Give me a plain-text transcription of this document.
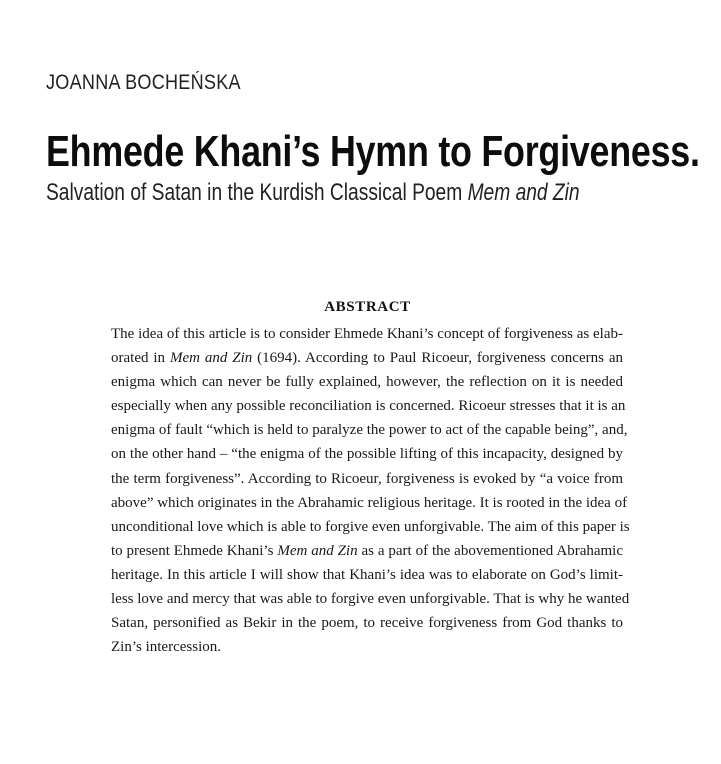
JOANNA BOCHEŃSKA
Ehmede Khani’s Hymn to Forgiveness.
Salvation of Satan in the Kurdish Classical Poem Mem and Zin
ABSTRACT
The idea of this article is to consider Ehmede Khani’s concept of forgiveness as elab-
orated in Mem and Zin (1694). According to Paul Ricoeur, forgiveness concerns an
enigma which can never be fully explained, however, the reflection on it is needed
especially when any possible reconciliation is concerned. Ricoeur stresses that it is an
enigma of fault “which is held to paralyze the power to act of the capable being”, and,
on the other hand – “the enigma of the possible lifting of this incapacity, designed by
the term forgiveness”. According to Ricoeur, forgiveness is evoked by “a voice from
above” which originates in the Abrahamic religious heritage. It is rooted in the idea of
unconditional love which is able to forgive even unforgivable. The aim of this paper is
to present Ehmede Khani’s Mem and Zin as a part of the abovementioned Abrahamic
heritage. In this article I will show that Khani’s idea was to elaborate on God’s limit-
less love and mercy that was able to forgive even unforgivable. That is why he wanted
Satan, personified as Bekir in the poem, to receive forgiveness from God thanks to
Zin’s intercession.
